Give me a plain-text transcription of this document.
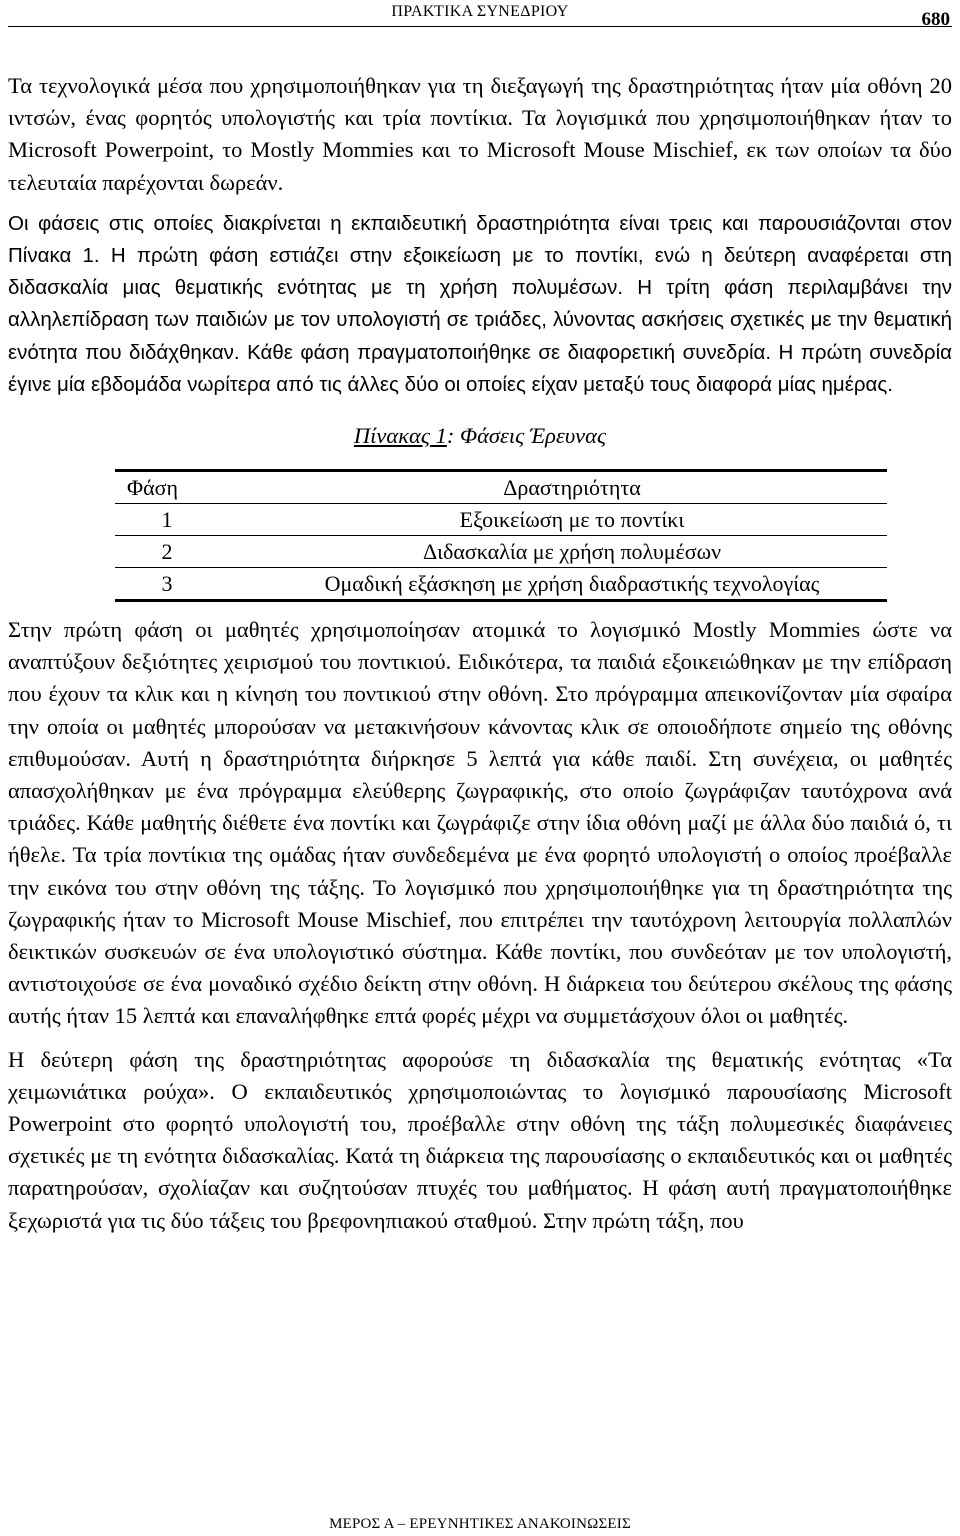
ΠΡΑΚΤΙΚΑ ΣΥΝΕΔΡΙΟΥ	680

Τα τεχνολογικά μέσα που χρησιμοποιήθηκαν για τη διεξαγωγή της δραστηριότητας ήταν μία οθόνη 20 ιντσών, ένας φορητός υπολογιστής και τρία ποντίκια. Τα λογισμικά που χρησιμοποιήθηκαν ήταν το Microsoft Powerpoint, το Mostly Mommies και το Microsoft Mouse Mischief, εκ των οποίων τα δύο τελευταία παρέχονται δωρεάν.

Οι φάσεις στις οποίες διακρίνεται η εκπαιδευτική δραστηριότητα είναι τρεις και παρουσιάζονται στον Πίνακα 1. Η πρώτη φάση εστιάζει στην εξοικείωση με το ποντίκι, ενώ η δεύτερη αναφέρεται στη διδασκαλία μιας θεματικής ενότητας με τη χρήση πολυμέσων. Η τρίτη φάση περιλαμβάνει την αλληλεπίδραση των παιδιών με τον υπολογιστή σε τριάδες, λύνοντας ασκήσεις σχετικές με την θεματική ενότητα που διδάχθηκαν. Κάθε φάση πραγματοποιήθηκε σε διαφορετική συνεδρία. Η πρώτη συνεδρία έγινε μία εβδομάδα νωρίτερα από τις άλλες δύο οι οποίες είχαν μεταξύ τους διαφορά μίας ημέρας.

Πίνακας 1: Φάσεις Έρευνας
Φάση	Δραστηριότητα
1	Εξοικείωση με το ποντίκι
2	Διδασκαλία με χρήση πολυμέσων
3	Ομαδική εξάσκηση με χρήση διαδραστικής τεχνολογίας

Στην πρώτη φάση οι μαθητές χρησιμοποίησαν ατομικά το λογισμικό Mostly Mommies ώστε να αναπτύξουν δεξιότητες χειρισμού του ποντικιού. Ειδικότερα, τα παιδιά εξοικειώθηκαν με την επίδραση που έχουν τα κλικ και η κίνηση του ποντικιού στην οθόνη. Στο πρόγραμμα απεικονίζονταν μία σφαίρα την οποία οι μαθητές μπορούσαν να μετακινήσουν κάνοντας κλικ σε οποιοδήποτε σημείο της οθόνης επιθυμούσαν. Αυτή η δραστηριότητα διήρκησε 5 λεπτά για κάθε παιδί. Στη συνέχεια, οι μαθητές απασχολήθηκαν με ένα πρόγραμμα ελεύθερης ζωγραφικής, στο οποίο ζωγράφιζαν ταυτόχρονα ανά τριάδες. Κάθε μαθητής διέθετε ένα ποντίκι και ζωγράφιζε στην ίδια οθόνη μαζί με άλλα δύο παιδιά ό, τι ήθελε. Τα τρία ποντίκια της ομάδας ήταν συνδεδεμένα με ένα φορητό υπολογιστή ο οποίος προέβαλλε την εικόνα του στην οθόνη της τάξης. Το λογισμικό που χρησιμοποιήθηκε για τη δραστηριότητα της ζωγραφικής ήταν το Microsoft Mouse Mischief, που επιτρέπει την ταυτόχρονη λειτουργία πολλαπλών δεικτικών συσκευών σε ένα υπολογιστικό σύστημα. Κάθε ποντίκι, που συνδεόταν με τον υπολογιστή, αντιστοιχούσε σε ένα μοναδικό σχέδιο δείκτη στην οθόνη. Η διάρκεια του δεύτερου σκέλους της φάσης αυτής ήταν 15 λεπτά και επαναλήφθηκε επτά φορές μέχρι να συμμετάσχουν όλοι οι μαθητές.

Η δεύτερη φάση της δραστηριότητας αφορούσε τη διδασκαλία της θεματικής ενότητας «Τα χειμωνιάτικα ρούχα». Ο εκπαιδευτικός χρησιμοποιώντας το λογισμικό παρουσίασης Microsoft Powerpoint στο φορητό υπολογιστή του, προέβαλλε στην οθόνη της τάξη πολυμεσικές διαφάνειες σχετικές με τη ενότητα διδασκαλίας. Κατά τη διάρκεια της παρουσίασης ο εκπαιδευτικός και οι μαθητές παρατηρούσαν, σχολίαζαν και συζητούσαν πτυχές του μαθήματος. Η φάση αυτή πραγματοποιήθηκε ξεχωριστά για τις δύο τάξεις του βρεφονηπιακού σταθμού. Στην πρώτη τάξη, που

ΜΕΡΟΣ Α – ΕΡΕΥΝΗΤΙΚΕΣ ΑΝΑΚΟΙΝΩΣΕΙΣ
